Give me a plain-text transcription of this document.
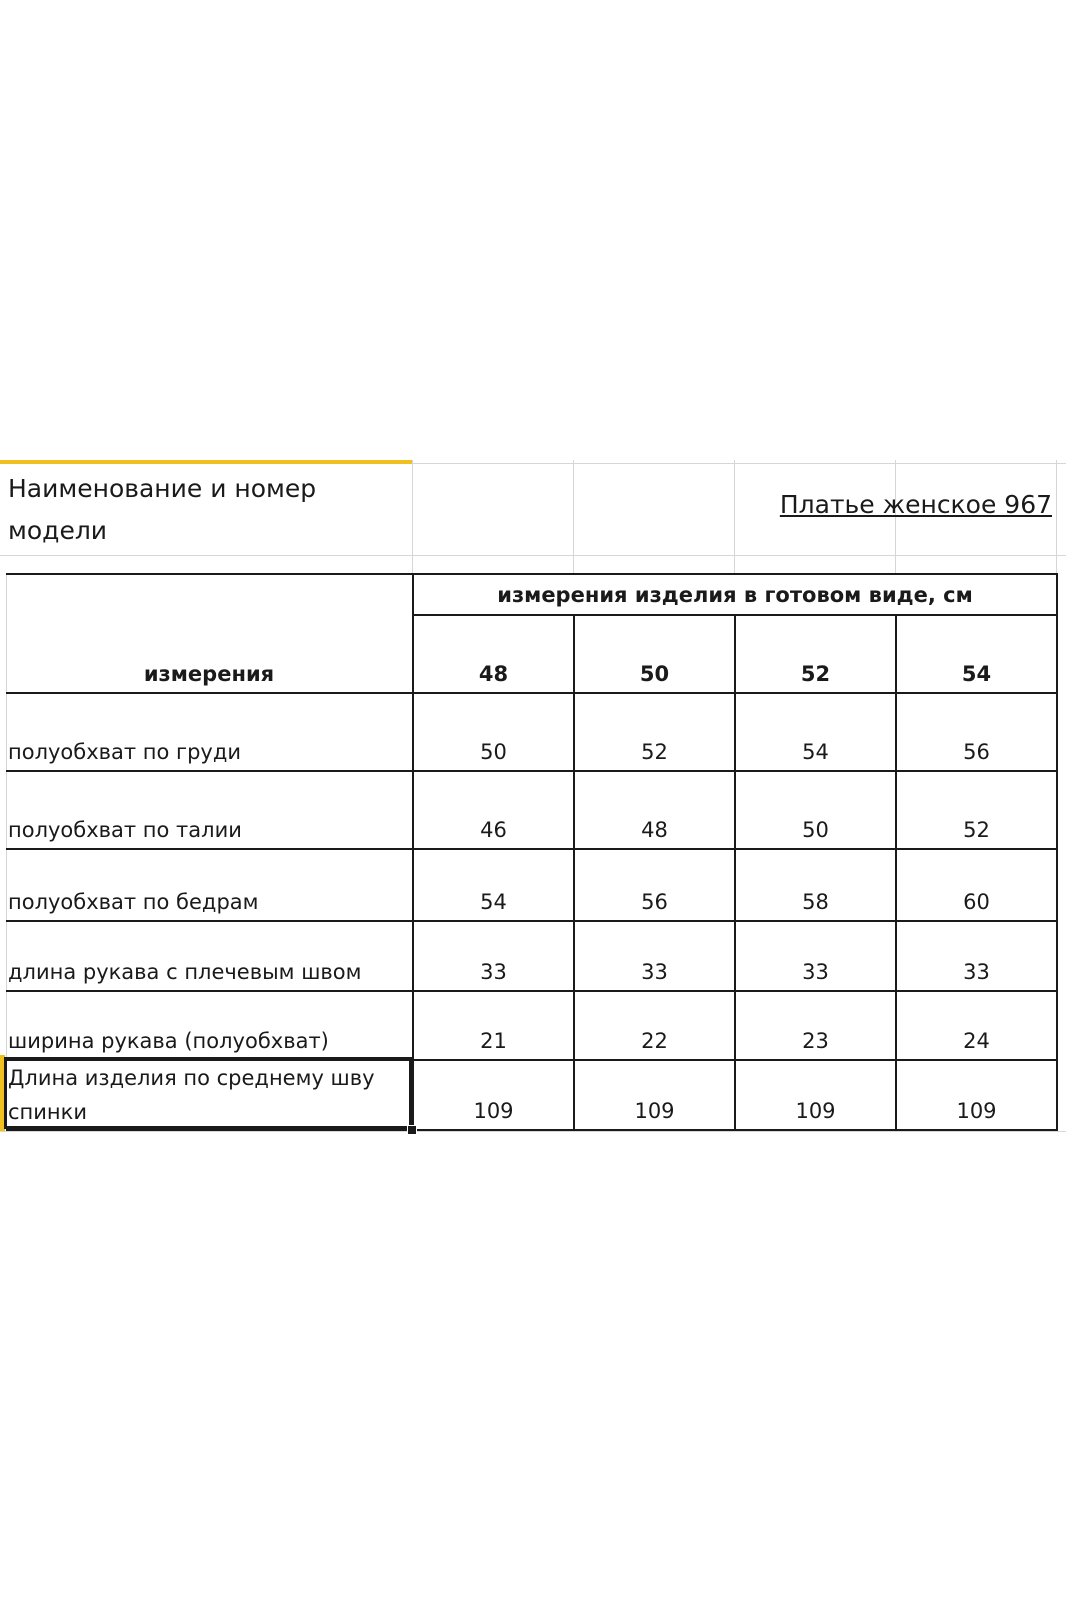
Наименование и номер
модели
Платье женское 967
измерения изделия в готовом виде, см
измерения	48	50	52	54
полуобхват по груди	50	52	54	56
полуобхват по талии	46	48	50	52
полуобхват по бедрам	54	56	58	60
длина рукава с плечевым швом	33	33	33	33
ширина рукава (полуобхват)	21	22	23	24
Длина изделия по среднему шву
спинки	109	109	109	109
